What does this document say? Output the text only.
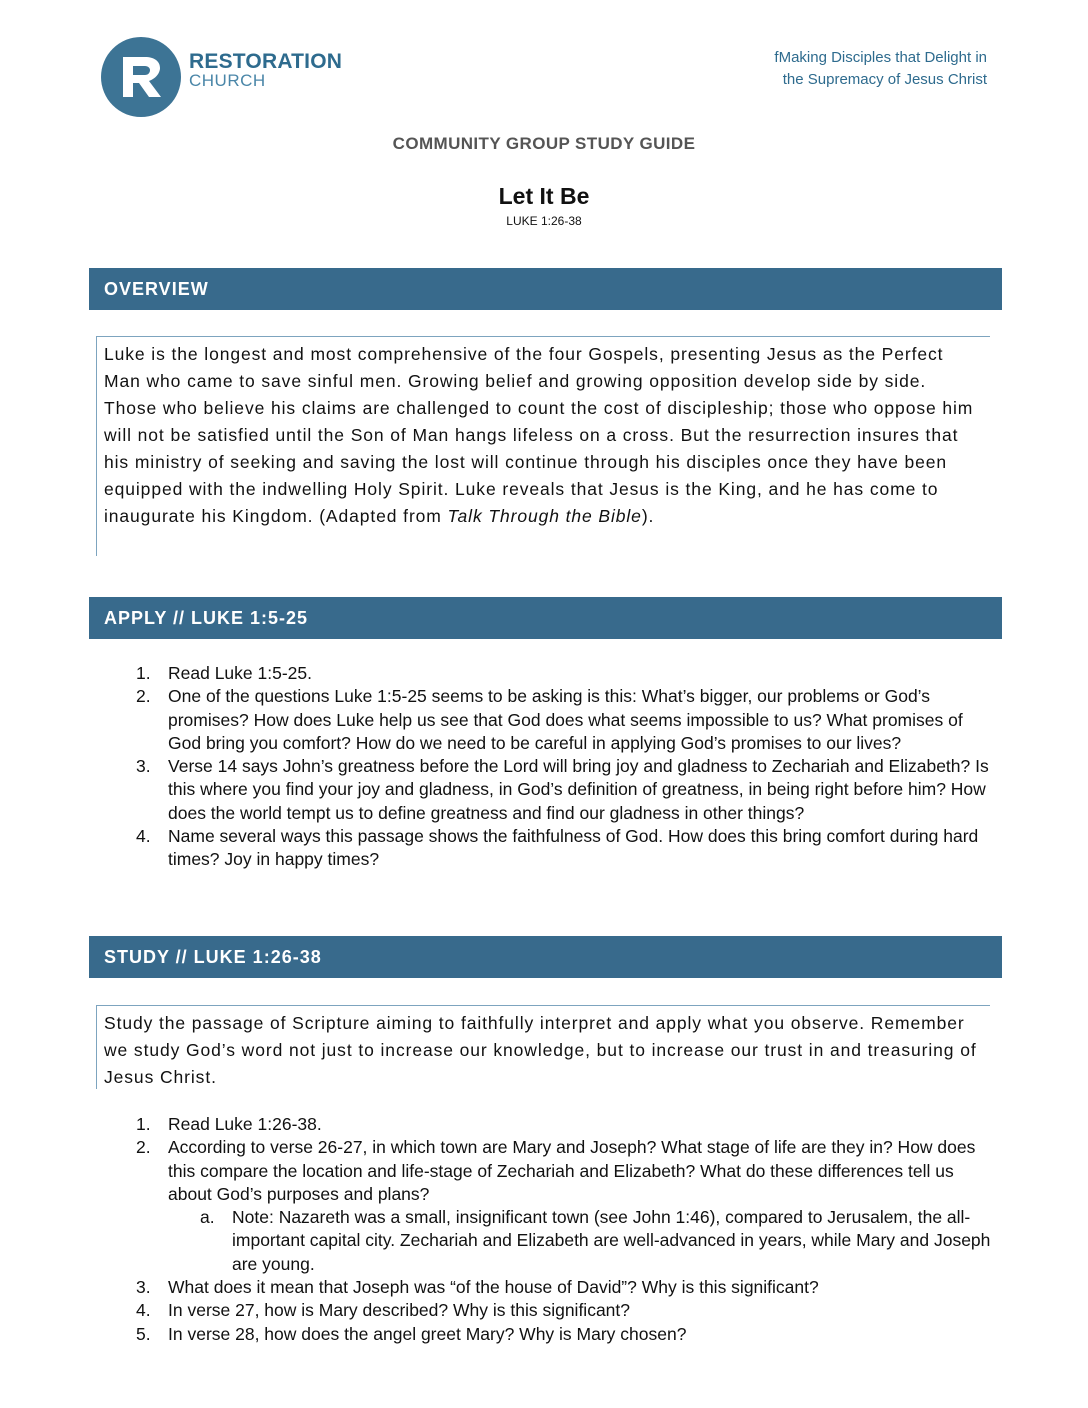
RESTORATION
CHURCH
fMaking Disciples that Delight in
the Supremacy of Jesus Christ
COMMUNITY GROUP STUDY GUIDE
Let It Be
LUKE 1:26-38
OVERVIEW

Luke is the longest and most comprehensive of the four Gospels, presenting Jesus as the Perfect Man who came to save sinful men. Growing belief and growing opposition develop side by side. Those who believe his claims are challenged to count the cost of discipleship; those who oppose him will not be satisfied until the Son of Man hangs lifeless on a cross. But the resurrection insures that his ministry of seeking and saving the lost will continue through his disciples once they have been equipped with the indwelling Holy Spirit. Luke reveals that Jesus is the King, and he has come to inaugurate his Kingdom. (Adapted from Talk Through the Bible).

APPLY // LUKE 1:5-25
1. Read Luke 1:5-25.
2. One of the questions Luke 1:5-25 seems to be asking is this: What’s bigger, our problems or God’s promises? How does Luke help us see that God does what seems impossible to us? What promises of God bring you comfort? How do we need to be careful in applying God’s promises to our lives?
3. Verse 14 says John’s greatness before the Lord will bring joy and gladness to Zechariah and Elizabeth? Is this where you find your joy and gladness, in God’s definition of greatness, in being right before him? How does the world tempt us to define greatness and find our gladness in other things?
4. Name several ways this passage shows the faithfulness of God. How does this bring comfort during hard times? Joy in happy times?
STUDY // LUKE 1:26-38

Study the passage of Scripture aiming to faithfully interpret and apply what you observe. Remember we study God’s word not just to increase our knowledge, but to increase our trust in and treasuring of Jesus Christ.

1. Read Luke 1:26-38.
2. According to verse 26-27, in which town are Mary and Joseph? What stage of life are they in? How does this compare the location and life-stage of Zechariah and Elizabeth? What do these differences tell us about God’s purposes and plans?
a. Note: Nazareth was a small, insignificant town (see John 1:46), compared to Jerusalem, the all-important capital city. Zechariah and Elizabeth are well-advanced in years, while Mary and Joseph are young.
3. What does it mean that Joseph was “of the house of David”? Why is this significant?
4. In verse 27, how is Mary described? Why is this significant?
5. In verse 28, how does the angel greet Mary? Why is Mary chosen?
